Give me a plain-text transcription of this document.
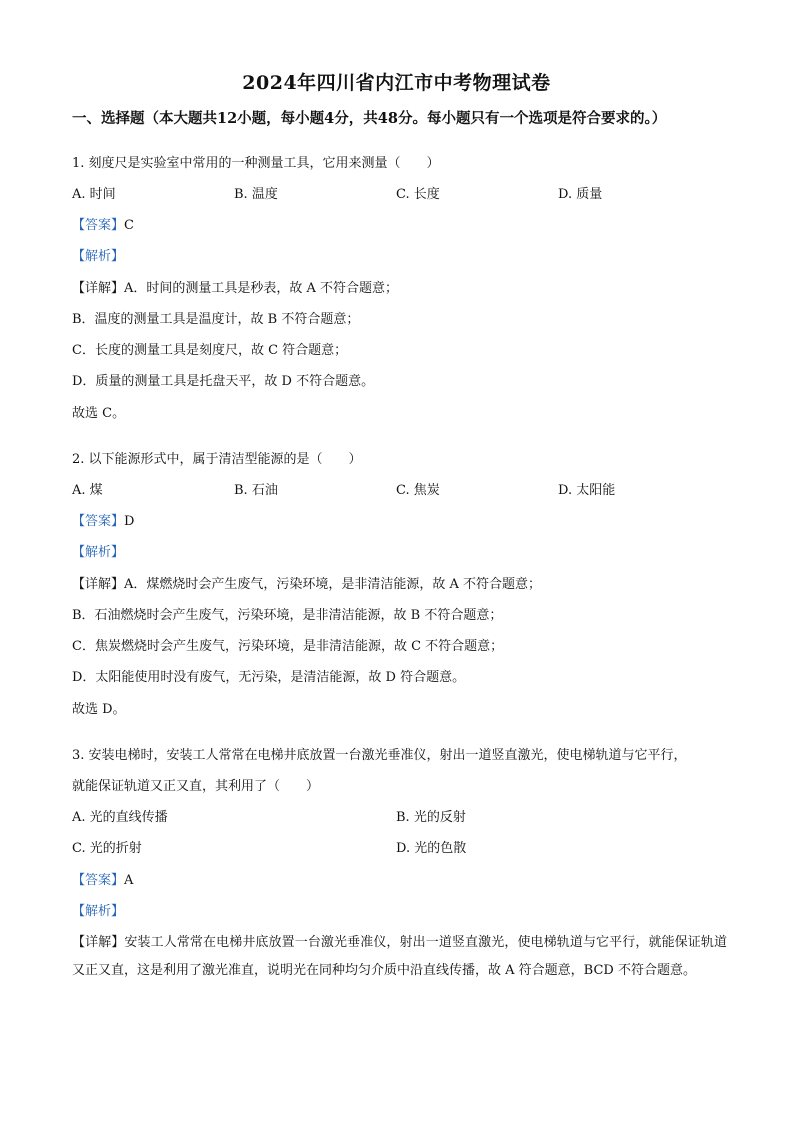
2024年四川省内江市中考物理试卷
一、选择题（本大题共12小题，每小题4分，共48分。每小题只有一个选项是符合要求的。）
1. 刻度尺是实验室中常用的一种测量工具，它用来测量（　　）
A. 时间	B. 温度	C. 长度	D. 质量
【答案】C
【解析】
【详解】A．时间的测量工具是秒表，故 A 不符合题意；
B．温度的测量工具是温度计，故 B 不符合题意；
C．长度的测量工具是刻度尺，故 C 符合题意；
D．质量的测量工具是托盘天平，故 D 不符合题意。
故选 C。
2. 以下能源形式中，属于清洁型能源的是（　　）
A. 煤	B. 石油	C. 焦炭	D. 太阳能
【答案】D
【解析】
【详解】A．煤燃烧时会产生废气，污染环境，是非清洁能源，故 A 不符合题意；
B．石油燃烧时会产生废气，污染环境，是非清洁能源，故 B 不符合题意；
C．焦炭燃烧时会产生废气，污染环境，是非清洁能源，故 C 不符合题意；
D．太阳能使用时没有废气，无污染，是清洁能源，故 D 符合题意。
故选 D。
3. 安装电梯时，安装工人常常在电梯井底放置一台激光垂准仪，射出一道竖直激光，使电梯轨道与它平行，
就能保证轨道又正又直，其利用了（　　）
A. 光的直线传播	B. 光的反射
C. 光的折射	D. 光的色散
【答案】A
【解析】
【详解】安装工人常常在电梯井底放置一台激光垂准仪，射出一道竖直激光，使电梯轨道与它平行，就能保证轨道又正又直，这是利用了激光准直，说明光在同种均匀介质中沿直线传播，故 A 符合题意，BCD 不符合题意。
